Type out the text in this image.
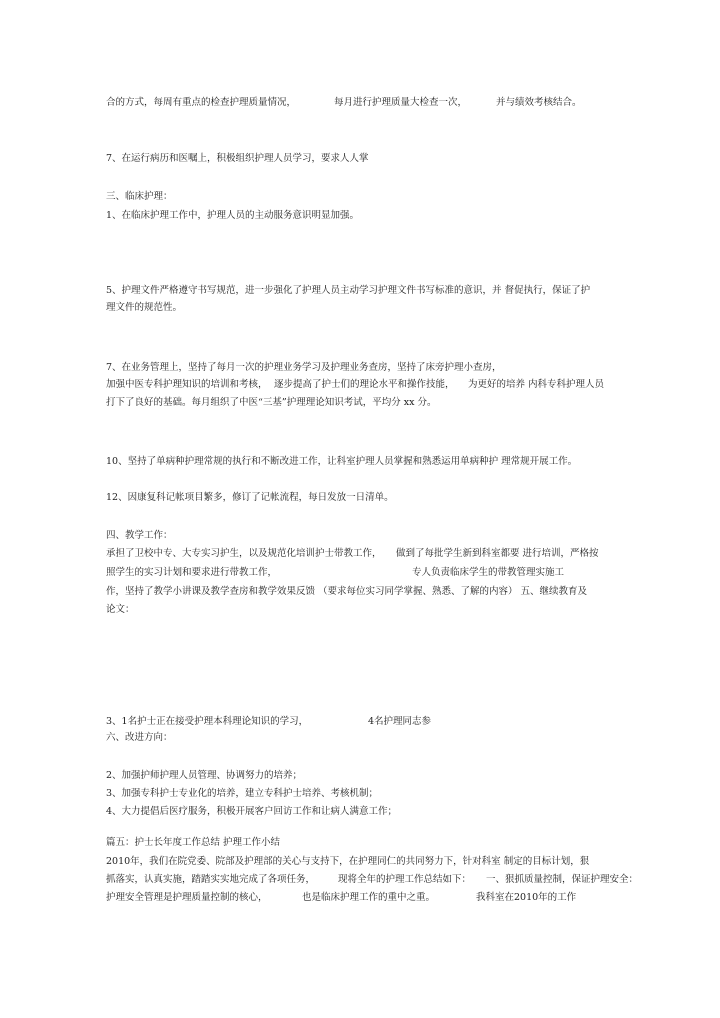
合的方式，每周有重点的检查护理质量情况，	每月进行护理质量大检查一次，	并与绩效考核结合。
7、在运行病历和医嘱上，积极组织护理人员学习，要求人人掌
三、临床护理：
1、在临床护理工作中，护理人员的主动服务意识明显加强。
5、护理文件严格遵守书写规范，进一步强化了护理人员主动学习护理文件书写标准的意识，并 督促执行，保证了护
理文件的规范性。
7、在业务管理上，坚持了每月一次的护理业务学习及护理业务查房，坚持了床旁护理小查房，
加强中医专科护理知识的培训和考核， 逐步提高了护士们的理论水平和操作技能， 为更好的培养 内科专科护理人员
打下了良好的基础。每月组织了中医“三基”护理理论知识考试，平均分 xx 分。
10、坚持了单病种护理常规的执行和不断改进工作，让科室护理人员掌握和熟悉运用单病种护 理常规开展工作。
12、因康复科记帐项目繁多，修订了记帐流程，每日发放一日清单。
四、教学工作：
承担了卫校中专、大专实习护生，以及规范化培训护士带教工作， 做到了每批学生新到科室都要 进行培训，严格按
照学生的实习计划和要求进行带教工作，	专人负责临床学生的带教管理实施工
作，坚持了教学小讲课及教学查房和教学效果反馈 （要求每位实习同学掌握、熟悉、了解的内容） 五、继续教育及
论文：
3、1名护士正在接受护理本科理论知识的学习，	4名护理同志参
六、改进方向：
2、加强护师护理人员管理、协调努力的培养；
3、加强专科护士专业化的培养，建立专科护士培养、考核机制；
4、大力提倡后医疗服务，积极开展客户回访工作和让病人满意工作；
篇五：护士长年度工作总结 护理工作小结
2010年，我们在院党委、院部及护理部的关心与支持下，在护理同仁的共同努力下，针对科室 制定的目标计划，狠
抓落实，认真实施，踏踏实实地完成了各项任务， 现将全年的护理工作总结如下： 一、狠抓质量控制，保证护理安全：
护理安全管理是护理质量控制的核心，	也是临床护理工作的重中之重。	我科室在2010年的工作
